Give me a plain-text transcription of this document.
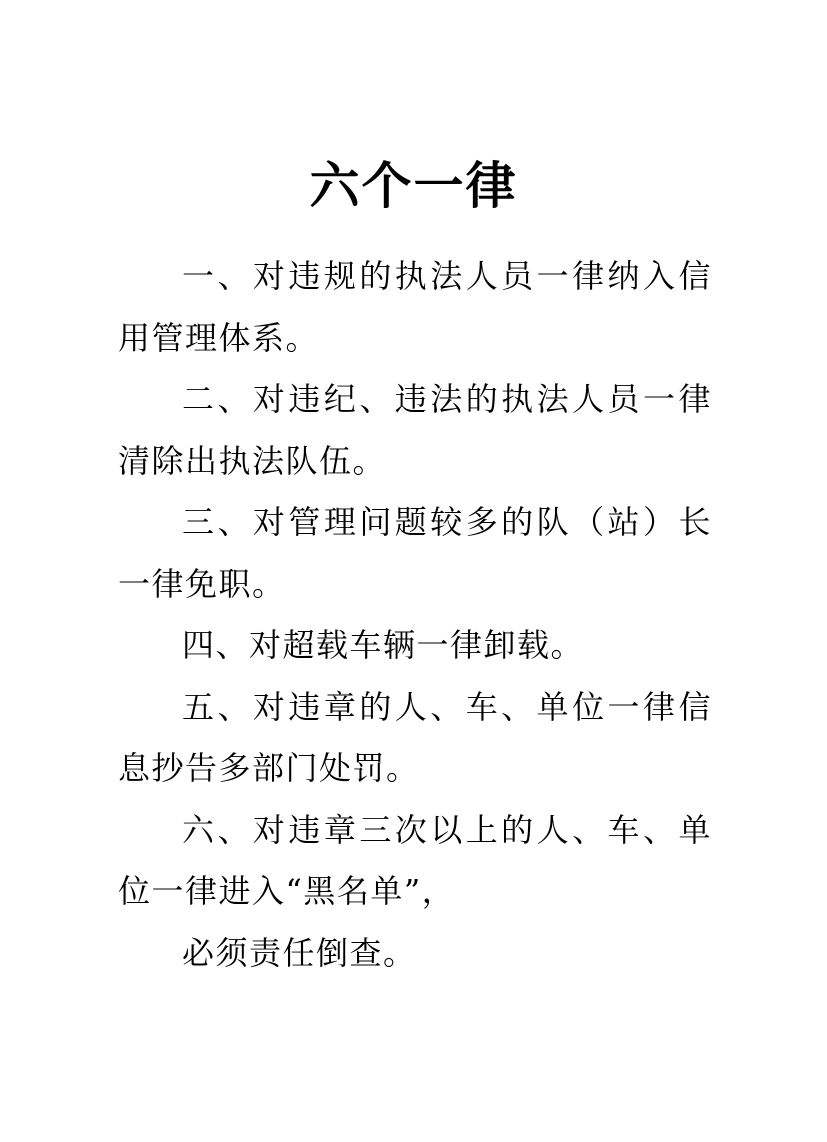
六个一律

一、对违规的执法人员一律纳入信用管理体系。

二、对违纪、违法的执法人员一律清除出执法队伍。

三、对管理问题较多的队（站）长一律免职。

四、对超载车辆一律卸载。

五、对违章的人、车、单位一律信息抄告多部门处罚。

六、对违章三次以上的人、车、单位一律进入“黑名单”，

必须责任倒查。
